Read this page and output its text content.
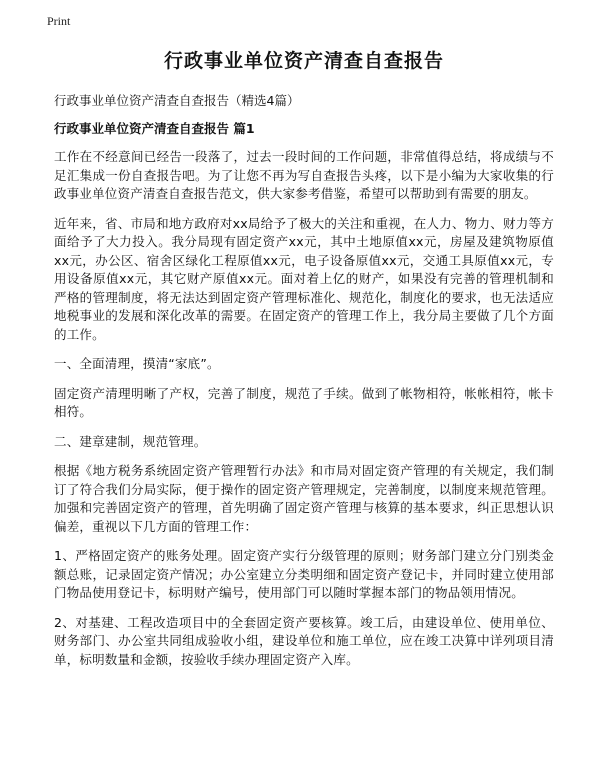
Print
行政事业单位资产清查自查报告

行政事业单位资产清查自查报告（精选4篇）

行政事业单位资产清查自查报告 篇1

工作在不经意间已经告一段落了，过去一段时间的工作问题，非常值得总结，将成绩与不足汇集成一份自查报告吧。为了让您不再为写自查报告头疼，以下是小编为大家收集的行政事业单位资产清查自查报告范文，供大家参考借鉴，希望可以帮助到有需要的朋友。

近年来，省、市局和地方政府对xx局给予了极大的关注和重视，在人力、物力、财力等方面给予了大力投入。我分局现有固定资产xx元，其中土地原值xx元，房屋及建筑物原值xx元，办公区、宿舍区绿化工程原值xx元，电子设备原值xx元，交通工具原值xx元，专用设备原值xx元，其它财产原值xx元。面对着上亿的财产，如果没有完善的管理机制和严格的管理制度，将无法达到固定资产管理标准化、规范化，制度化的要求，也无法适应地税事业的发展和深化改革的需要。在固定资产的管理工作上，我分局主要做了几个方面的工作。

一、全面清理，摸清“家底”。

固定资产清理明晰了产权，完善了制度，规范了手续。做到了帐物相符，帐帐相符，帐卡相符。

二、建章建制，规范管理。

根据《地方税务系统固定资产管理暂行办法》和市局对固定资产管理的有关规定，我们制订了符合我们分局实际，便于操作的固定资产管理规定，完善制度，以制度来规范管理。加强和完善固定资产的管理，首先明确了固定资产管理与核算的基本要求，纠正思想认识偏差，重视以下几方面的管理工作：

1、严格固定资产的账务处理。固定资产实行分级管理的原则；财务部门建立分门别类金额总账，记录固定资产情况；办公室建立分类明细和固定资产登记卡，并同时建立使用部门物品使用登记卡，标明财产编号，使用部门可以随时掌握本部门的物品领用情况。

2、对基建、工程改造项目中的全套固定资产要核算。竣工后，由建设单位、使用单位、财务部门、办公室共同组成验收小组，建设单位和施工单位，应在竣工决算中详列项目清单，标明数量和金额，按验收手续办理固定资产入库。
